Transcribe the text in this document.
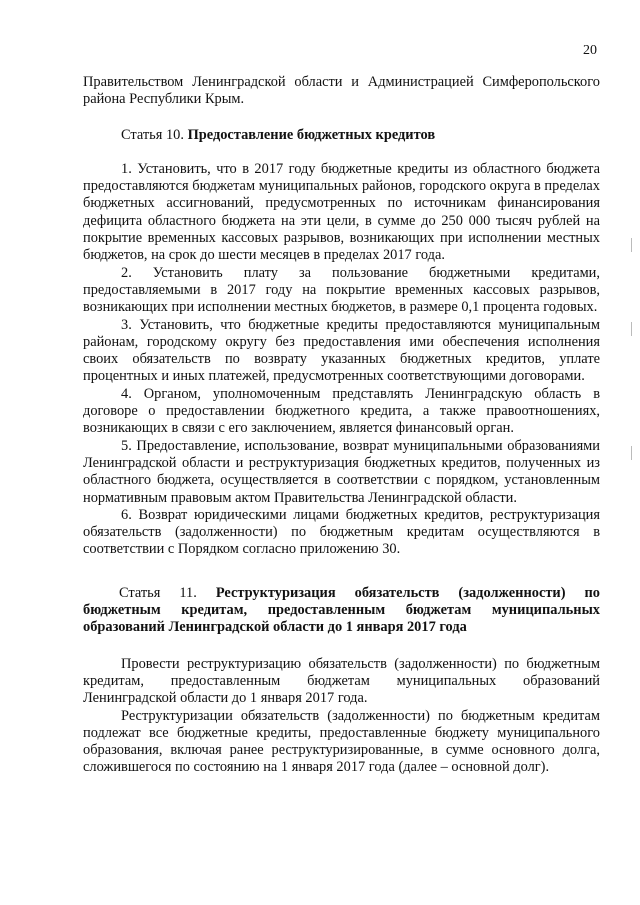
20

Правительством Ленинградской области и Администрацией Симферопольского района Республики Крым.

Статья 10. Предоставление бюджетных кредитов

1. Установить, что в 2017 году бюджетные кредиты из областного бюджета предоставляются бюджетам муниципальных районов, городского округа в пределах бюджетных ассигнований, предусмотренных по источникам финансирования дефицита областного бюджета на эти цели, в сумме до 250 000 тысяч рублей на покрытие временных кассовых разрывов, возникающих при исполнении местных бюджетов, на срок до шести месяцев в пределах 2017 года.

2. Установить плату за пользование бюджетными кредитами, предоставляемыми в 2017 году на покрытие временных кассовых разрывов, возникающих при исполнении местных бюджетов, в размере 0,1 процента годовых.

3. Установить, что бюджетные кредиты предоставляются муниципальным районам, городскому округу без предоставления ими обеспечения исполнения своих обязательств по возврату указанных бюджетных кредитов, уплате процентных и иных платежей, предусмотренных соответствующими договорами.

4. Органом, уполномоченным представлять Ленинградскую область в договоре о предоставлении бюджетного кредита, а также правоотношениях, возникающих в связи с его заключением, является финансовый орган.

5. Предоставление, использование, возврат муниципальными образованиями Ленинградской области и реструктуризация бюджетных кредитов, полученных из областного бюджета, осуществляется в соответствии с порядком, установленным нормативным правовым актом Правительства Ленинградской области.

6. Возврат юридическими лицами бюджетных кредитов, реструктуризация обязательств (задолженности) по бюджетным кредитам осуществляются в соответствии с Порядком согласно приложению 30.

Статья 11. Реструктуризация обязательств (задолженности) по бюджетным кредитам, предоставленным бюджетам муниципальных образований Ленинградской области до 1 января 2017 года

Провести реструктуризацию обязательств (задолженности) по бюджетным кредитам, предоставленным бюджетам муниципальных образований Ленинградской области до 1 января 2017 года.

Реструктуризации обязательств (задолженности) по бюджетным кредитам подлежат все бюджетные кредиты, предоставленные бюджету муниципального образования, включая ранее реструктуризированные, в сумме основного долга, сложившегося по состоянию на 1 января 2017 года (далее – основной долг).
